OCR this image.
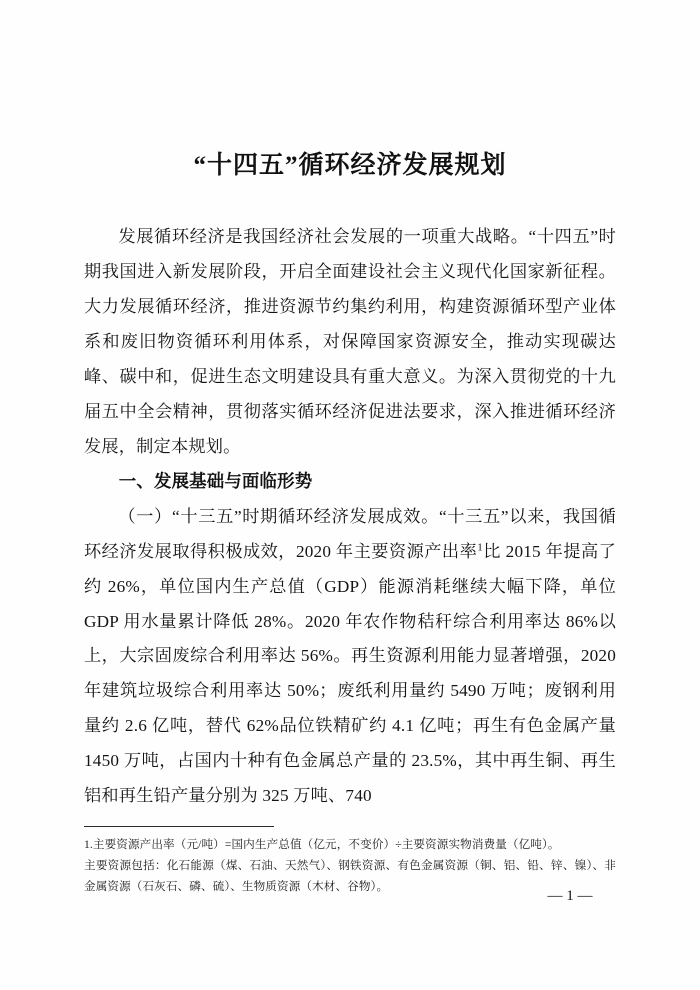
“十四五”循环经济发展规划

发展循环经济是我国经济社会发展的一项重大战略。“十四五”时期我国进入新发展阶段，开启全面建设社会主义现代化国家新征程。大力发展循环经济，推进资源节约集约利用，构建资源循环型产业体系和废旧物资循环利用体系，对保障国家资源安全，推动实现碳达峰、碳中和，促进生态文明建设具有重大意义。为深入贯彻党的十九届五中全会精神，贯彻落实循环经济促进法要求，深入推进循环经济发展，制定本规划。

一、发展基础与面临形势

（一）“十三五”时期循环经济发展成效。“十三五”以来，我国循环经济发展取得积极成效，2020 年主要资源产出率$^1$比 2015 年提高了约 26%，单位国内生产总值（GDP）能源消耗继续大幅下降，单位 GDP 用水量累计降低 28%。2020 年农作物秸秆综合利用率达 86%以上，大宗固废综合利用率达 56%。再生资源利用能力显著增强，2020 年建筑垃圾综合利用率达 50%；废纸利用量约 5490 万吨；废钢利用量约 2.6 亿吨，替代 62%品位铁精矿约 4.1 亿吨；再生有色金属产量 1450 万吨，占国内十种有色金属总产量的 23.5%，其中再生铜、再生铝和再生铅产量分别为 325 万吨、740

1.主要资源产出率（元/吨）=国内生产总值（亿元，不变价）÷主要资源实物消费量（亿吨）。

主要资源包括：化石能源（煤、石油、天然气）、钢铁资源、有色金属资源（铜、铝、铅、锌、镍）、非金属资源（石灰石、磷、硫）、生物质资源（木材、谷物）。

— 1 —
